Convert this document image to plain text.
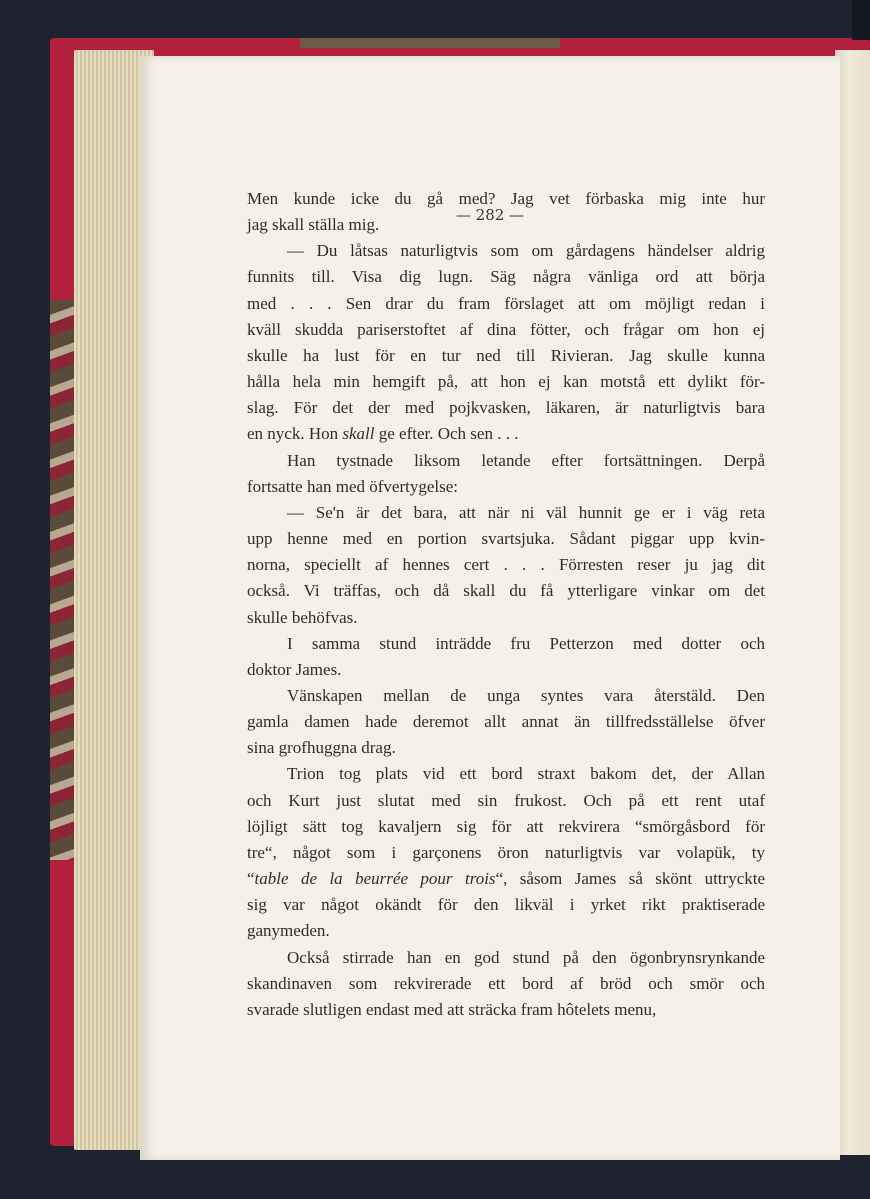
— 282 —
Men kunde icke du gå med? Jag vet förbaska mig inte hur
jag skall ställa mig.
— Du låtsas naturligtvis som om gårdagens händelser aldrig
funnits till. Visa dig lugn. Säg några vänliga ord att börja
med . . . Sen drar du fram förslaget att om möjligt redan i
kväll skudda pariserstoftet af dina fötter, och frågar om hon ej
skulle ha lust för en tur ned till Rivieran. Jag skulle kunna
hålla hela min hemgift på, att hon ej kan motstå ett dylikt för-
slag. För det der med pojkvasken, läkaren, är naturligtvis bara
en nyck. Hon skall ge efter. Och sen . . .
Han tystnade liksom letande efter fortsättningen. Derpå
fortsatte han med öfvertygelse:
— Se'n är det bara, att när ni väl hunnit ge er i väg reta
upp henne med en portion svartsjuka. Sådant piggar upp kvin-
norna, speciellt af hennes cert . . . Förresten reser ju jag dit
också. Vi träffas, och då skall du få ytterligare vinkar om det
skulle behöfvas.
I samma stund inträdde fru Petterzon med dotter och
doktor James.
Vänskapen mellan de unga syntes vara återstäld. Den
gamla damen hade deremot allt annat än tillfredsställelse öfver
sina grofhuggna drag.
Trion tog plats vid ett bord straxt bakom det, der Allan
och Kurt just slutat med sin frukost. Och på ett rent utaf
löjligt sätt tog kavaljern sig för att rekvirera “smörgåsbord för
tre“, något som i garçonens öron naturligtvis var volapük, ty
“table de la beurrée pour trois“, såsom James så skönt uttryckte
sig var något okändt för den likväl i yrket rikt praktiserade
ganymeden.
Också stirrade han en god stund på den ögonbrynsrynkande
skandinaven som rekvirerade ett bord af bröd och smör och
svarade slutligen endast med att sträcka fram hôtelets menu,
